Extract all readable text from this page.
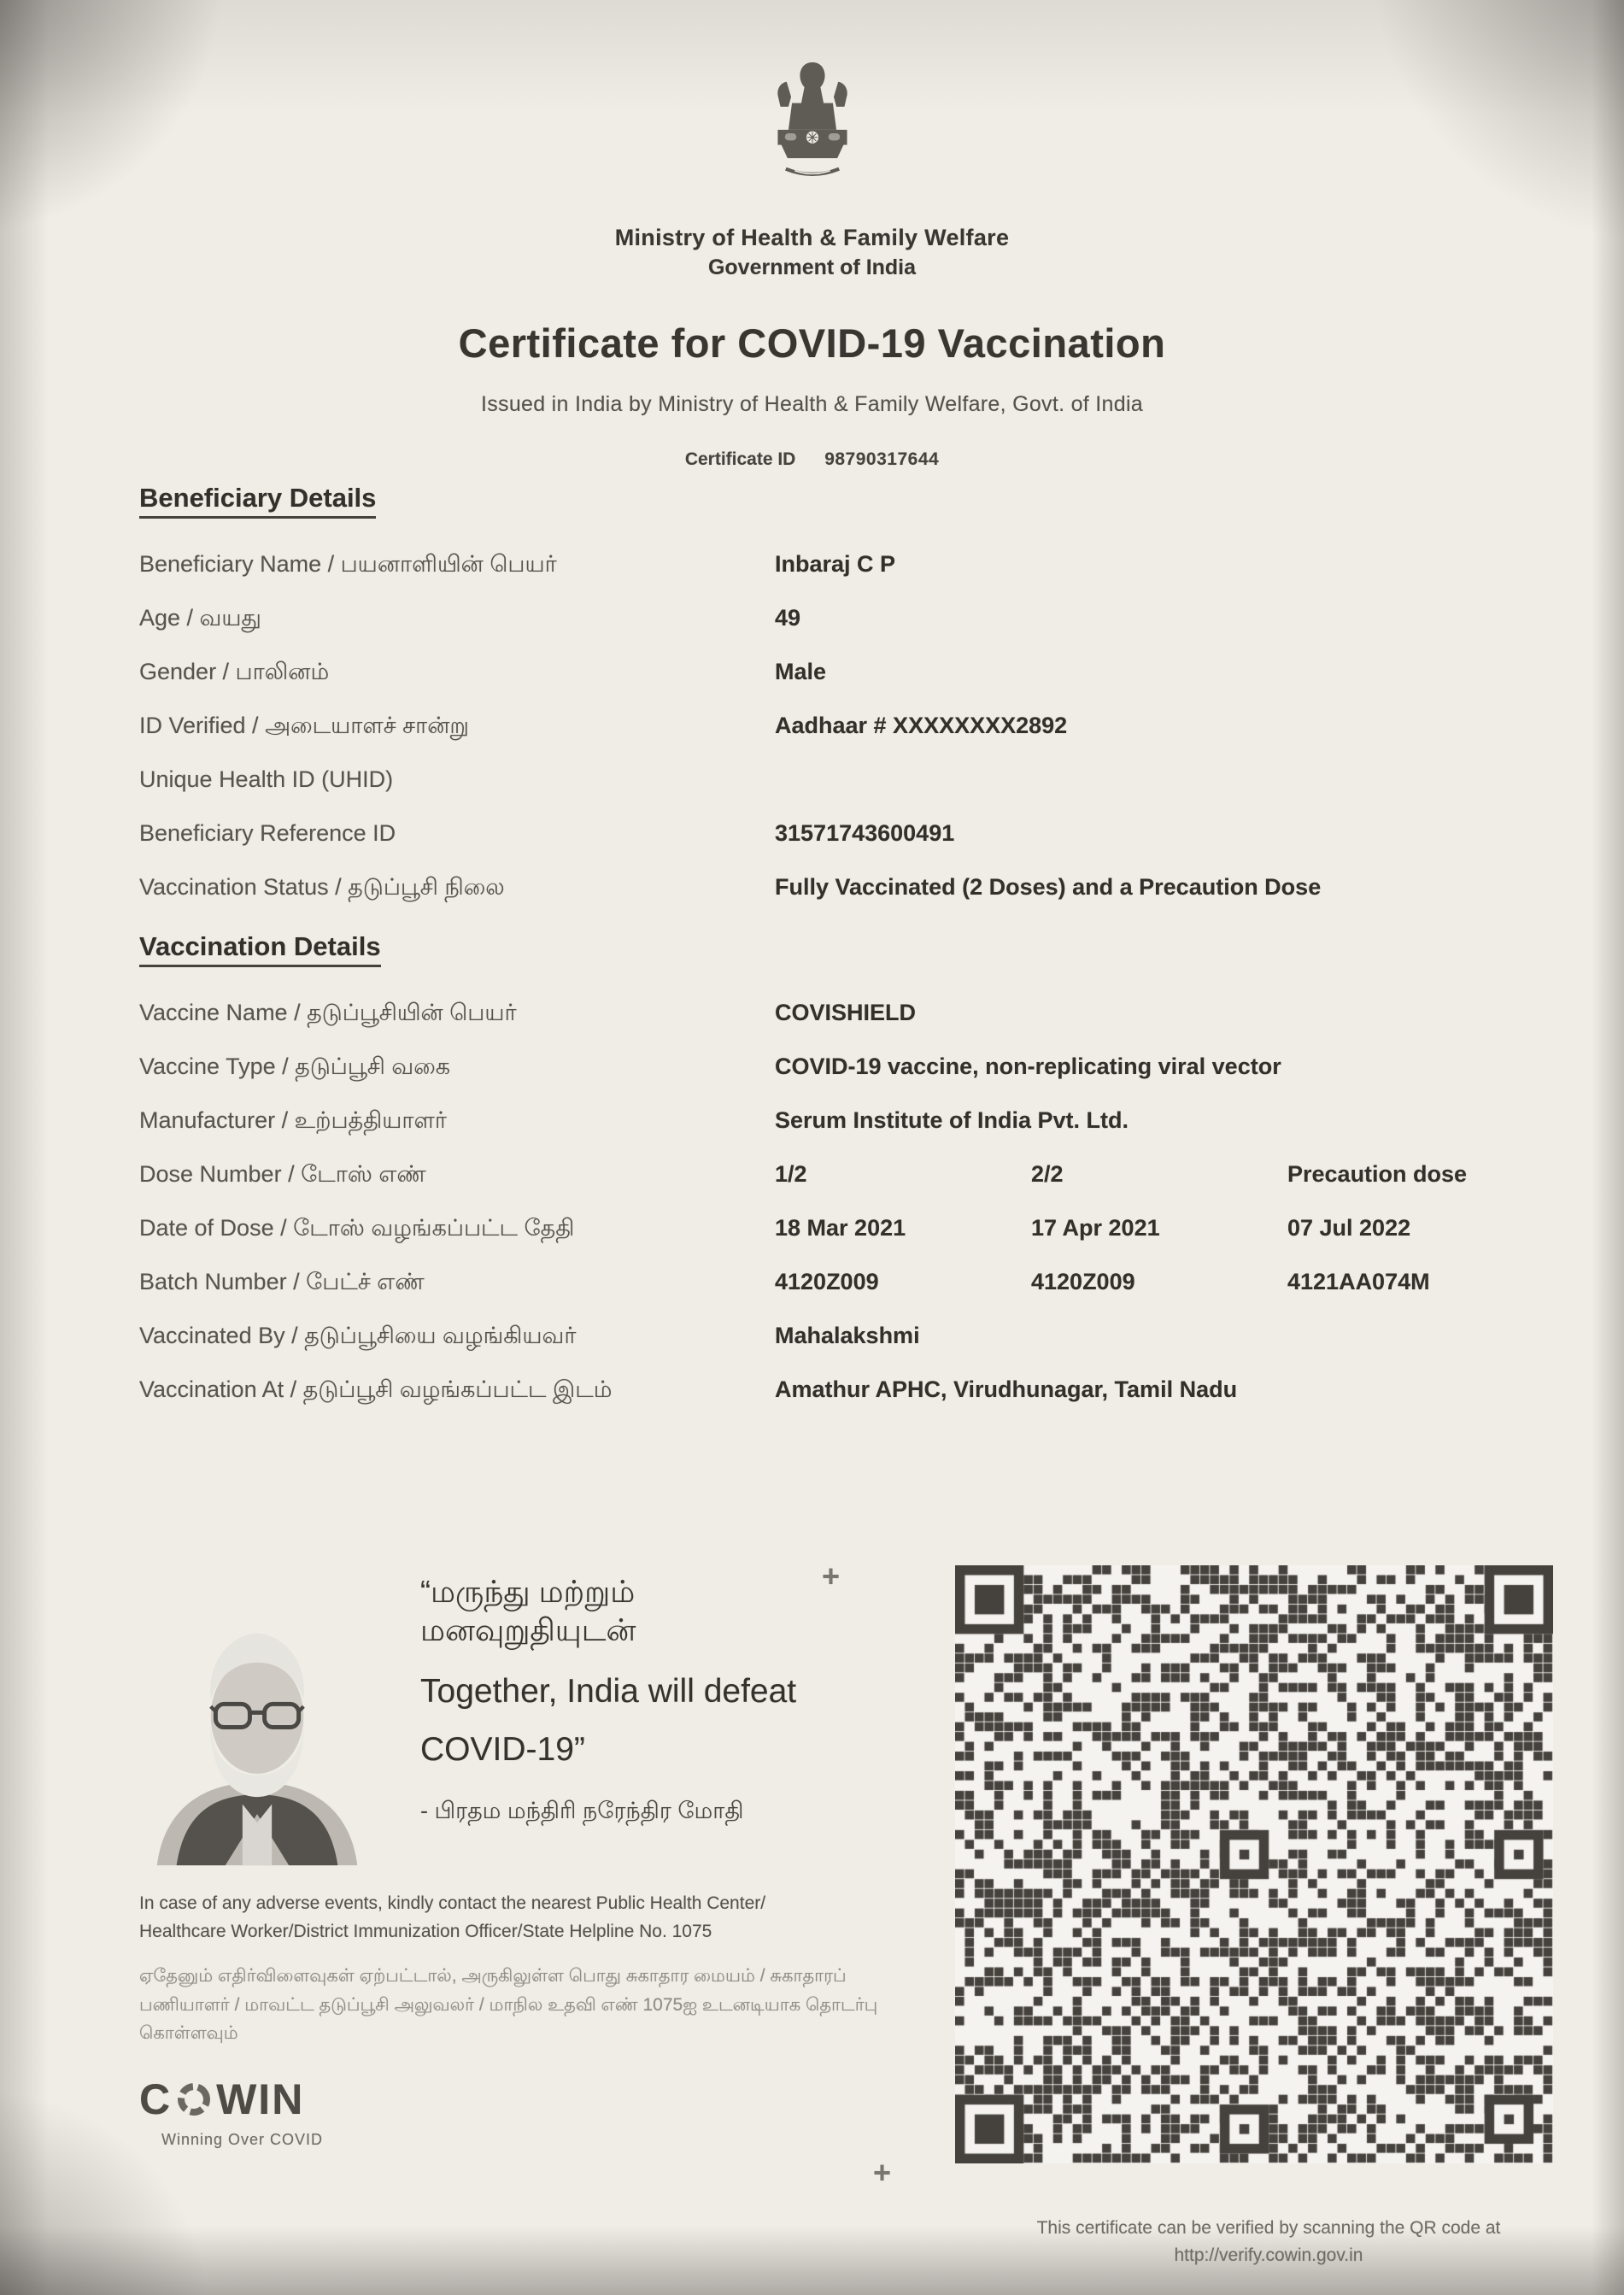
Ministry of Health & Family Welfare
Government of India
Certificate for COVID-19 Vaccination
Issued in India by Ministry of Health & Family Welfare, Govt. of India
Certificate ID 98790317644
Beneficiary Details
Beneficiary Name / பயனாளியின் பெயர்	Inbaraj C P
Age / வயது	49
Gender / பாலினம்	Male
ID Verified / அடையாளச் சான்று	Aadhaar # XXXXXXXX2892
Unique Health ID (UHID)
Beneficiary Reference ID	31571743600491
Vaccination Status / தடுப்பூசி நிலை	Fully Vaccinated (2 Doses) and a Precaution Dose
Vaccination Details
Vaccine Name / தடுப்பூசியின் பெயர்	COVISHIELD
Vaccine Type / தடுப்பூசி வகை	COVID-19 vaccine, non-replicating viral vector
Manufacturer / உற்பத்தியாளர்	Serum Institute of India Pvt. Ltd.
Dose Number / டோஸ் எண்	1/2	2/2	Precaution dose
Date of Dose / டோஸ் வழங்கப்பட்ட தேதி	18 Mar 2021	17 Apr 2021	07 Jul 2022
Batch Number / பேட்ச் எண்	4120Z009	4120Z009	4121AA074M
Vaccinated By / தடுப்பூசியை வழங்கியவர்	Mahalakshmi
Vaccination At / தடுப்பூசி வழங்கப்பட்ட இடம்	Amathur APHC, Virudhunagar, Tamil Nadu
“மருந்து மற்றும்
மனவுறுதியுடன்
Together, India will defeat
COVID-19”
- பிரதம மந்திரி நரேந்திர மோதி
In case of any adverse events, kindly contact the nearest Public Health Center/ Healthcare Worker/District Immunization Officer/State Helpline No. 1075
ஏதேனும் எதிர்விளைவுகள் ஏற்பட்டால், அருகிலுள்ள பொது சுகாதார மையம் / சுகாதாரப் பணியாளர் / மாவட்ட தடுப்பூசி அலுவலர் / மாநில உதவி எண் 1075ஐ உடனடியாக தொடர்பு கொள்ளவும்
C WIN
Winning Over COVID
+
+
This certificate can be verified by scanning the QR code at
http://verify.cowin.gov.in
